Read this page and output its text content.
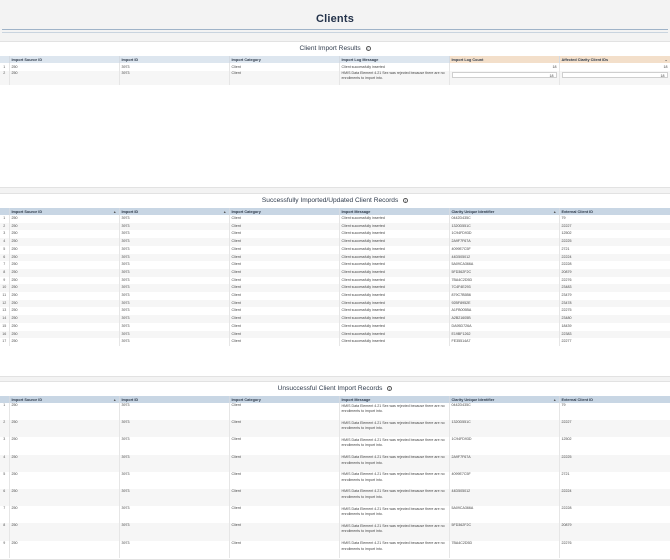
Clients
Client Import Results i
	Import Source ID	Import ID	Import Category	Import Log Message	Import Log Count	Affected Clarity Client IDs ⌄

1	250	3973	Client	Client successfully inserted	18	18

2	250	3973	Client	HMIS Data Element 4.21 Sex was rejected because there are no enrollments to import into.	18	18
Successfully Imported/Updated Client Records i
	Import Source ID ▲	Import ID ▲	Import Category	Import Message	Clarity Unique Identifier ▲	External Client ID
1	250	3973	Client	Client successfully inserted	0442D435C	79
2	250	3973	Client	Client successfully inserted	1320D551C	22227
3	250	3973	Client	Client successfully inserted	1C94FD93D	12502
4	250	3973	Client	Client successfully inserted	2A9F7F67A	22225
5	250	3973	Client	Client successfully inserted	4099E7C5F	2721
6	250	3973	Client	Client successfully inserted	44D505012	22224
7	250	3973	Client	Client successfully inserted	5A09CA366A	22228
8	250	3973	Client	Client successfully inserted	5FD362F2C	20879
9	250	3973	Client	Client successfully inserted	7BA4C2D5D	22276
10	250	3973	Client	Client successfully inserted	7C4F4E293	23483
11	250	3973	Client	Client successfully inserted	879C7B5B6	23479
12	250	3973	Client	Client successfully inserted	92BF8952E	23478
13	250	3973	Client	Client successfully inserted	A1FB005BA	22275
14	250	3973	Client	Client successfully inserted	A2B21605B	23480
15	250	3973	Client	Client successfully inserted	DA95D726A	18439
16	250	3973	Client	Client successfully inserted	E19BF1262	22383
17	250	3973	Client	Client successfully inserted	FE35514A7	22277
Unsuccessful Client Import Records i
	Import Source ID ▲	Import ID	Import Category	Import Message	Clarity Unique Identifier ▲	External Client ID
1	250	3973	Client	HMIS Data Element 4.21 Sex was rejected because there are no enrollments to import into.	0442D435C	79
2	250	3973	Client	HMIS Data Element 4.21 Sex was rejected because there are no enrollments to import into.	1320D551C	22227
3	250	3973	Client	HMIS Data Element 4.21 Sex was rejected because there are no enrollments to import into.	1C94FD93D	12502
4	250	3973	Client	HMIS Data Element 4.21 Sex was rejected because there are no enrollments to import into.	2A9F7F67A	22225
5	250	3973	Client	HMIS Data Element 4.21 Sex was rejected because there are no enrollments to import into.	4099E7C5F	2721
6	250	3973	Client	HMIS Data Element 4.21 Sex was rejected because there are no enrollments to import into.	44D505012	22224
7	250	3973	Client	HMIS Data Element 4.21 Sex was rejected because there are no enrollments to import into.	5A09CA366A	22228
8	250	3973	Client	HMIS Data Element 4.21 Sex was rejected because there are no enrollments to import into.	5FD362F2C	20879
9	250	3973	Client	HMIS Data Element 4.21 Sex was rejected because there are no enrollments to import into.	7BA4C2D5D	22276
